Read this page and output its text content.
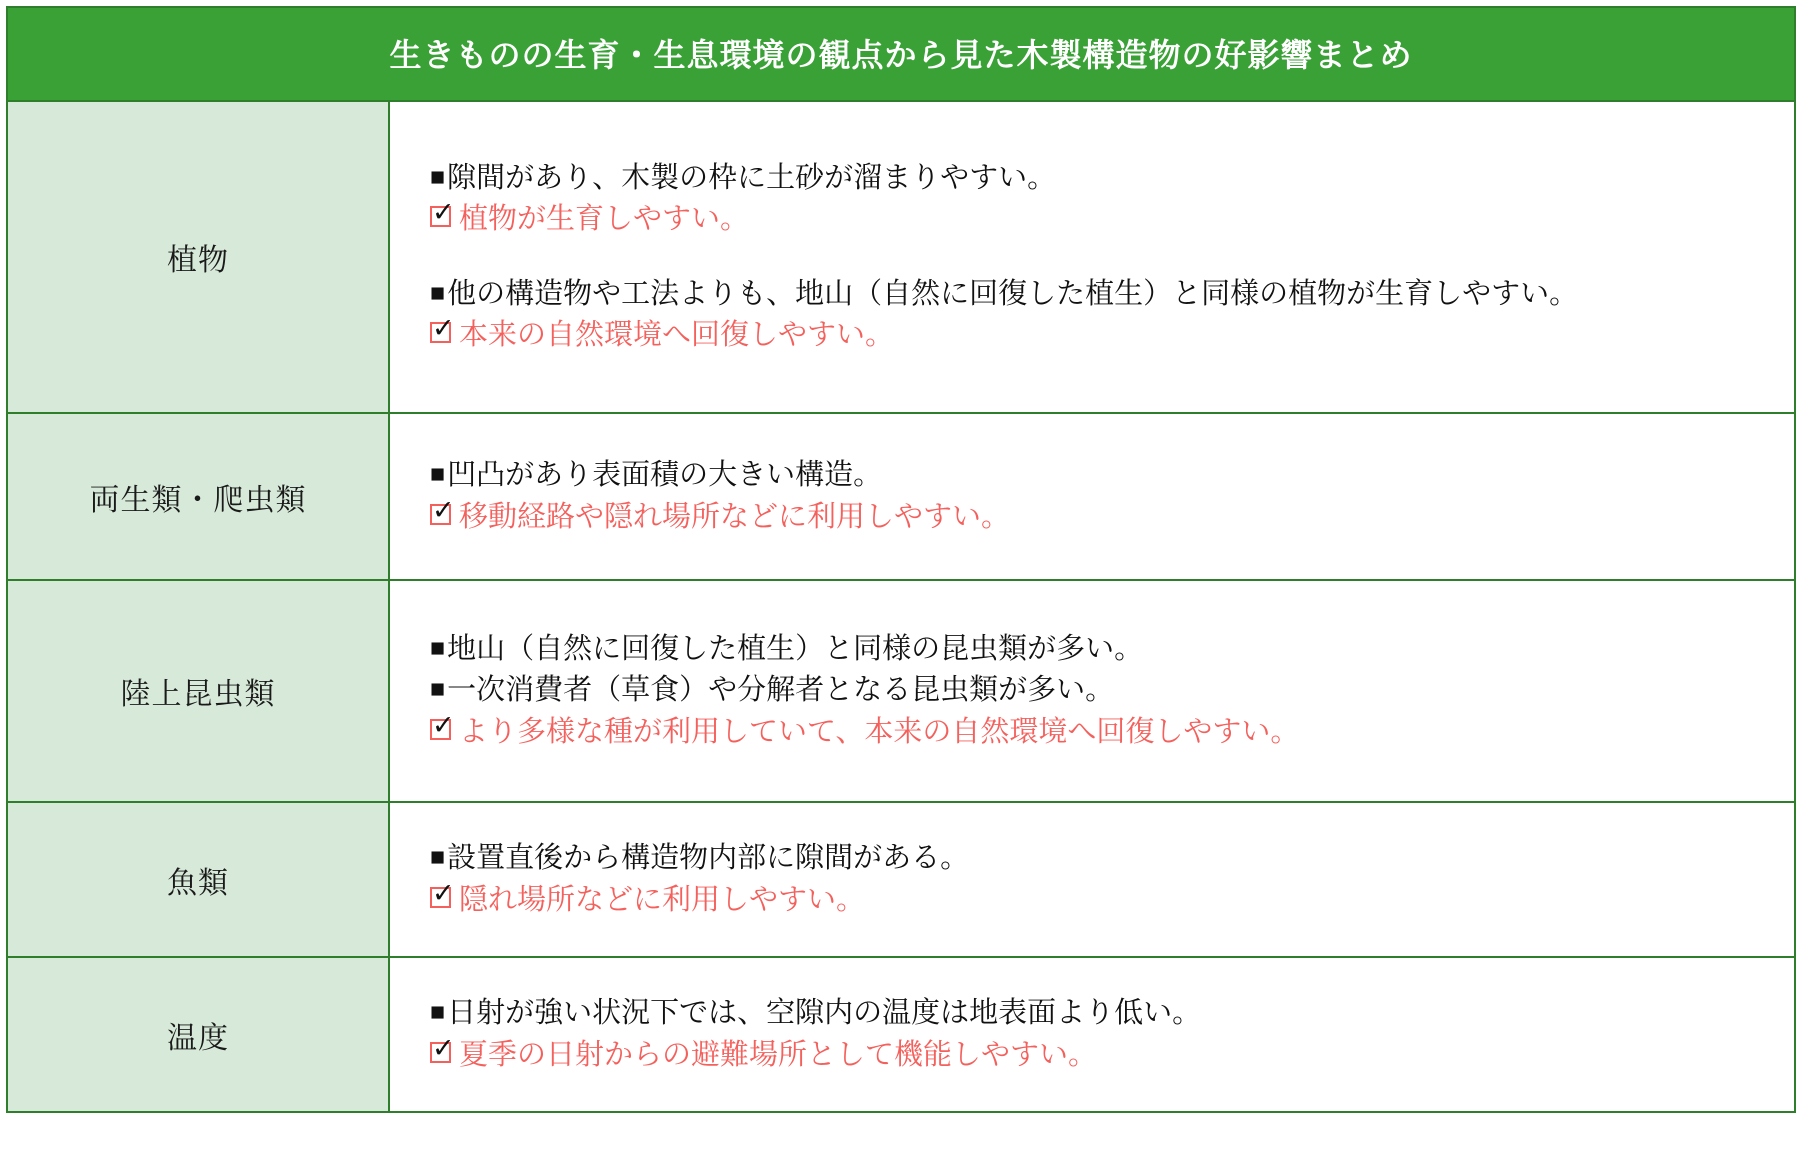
生きものの生育・生息環境の観点から見た木製構造物の好影響まとめ	
植物	
■隙間があり、木製の枠に土砂が溜まりやすい。
✓ 植物が生育しやすい。
■他の構造物や工法よりも、地山（自然に回復した植生）と同様の植物が生育しやすい。
✓ 本来の自然環境へ回復しやすい。

両生類・爬虫類	■凹凸があり表面積の大きい構造。
✓ 移動経路や隠れ場所などに利用しやすい。

陸上昆虫類	■地山（自然に回復した植生）と同様の昆虫類が多い。
■一次消費者（草食）や分解者となる昆虫類が多い。
✓ より多様な種が利用していて、本来の自然環境へ回復しやすい。

魚類	■設置直後から構造物内部に隙間がある。
✓ 隠れ場所などに利用しやすい。

温度	■日射が強い状況下では、空隙内の温度は地表面より低い。
✓ 夏季の日射からの避難場所として機能しやすい。
